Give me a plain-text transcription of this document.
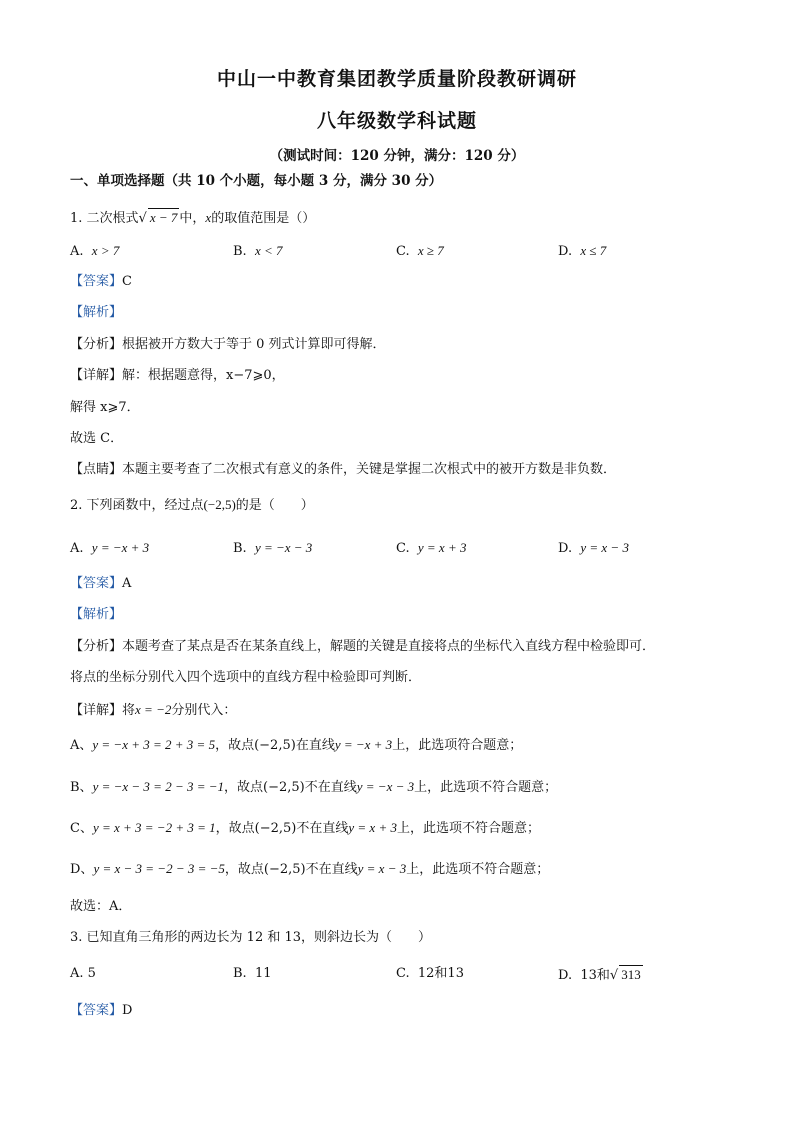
中山一中教育集团教学质量阶段教研调研
八年级数学科试题
（测试时间：120 分钟，满分：120 分）
一、单项选择题（共 10 个小题，每小题 3 分，满分 30 分）
1. 二次根式√ x − 7 中，x的取值范围是（）
A. x > 7	B. x < 7	C. x ≥ 7	D. x ≤ 7
【答案】C
【解析】
【分析】根据被开方数大于等于 0 列式计算即可得解．
【详解】解：根据题意得，x−7⩾0，
解得 x⩾7．
故选 C．
【点睛】本题主要考查了二次根式有意义的条件，关键是掌握二次根式中的被开方数是非负数．
2. 下列函数中，经过点(−2,5)的是（　　）
A. y = −x + 3	B. y = −x − 3	C. y = x + 3	D. y = x − 3
【答案】A
【解析】
【分析】本题考查了某点是否在某条直线上，解题的关键是直接将点的坐标代入直线方程中检验即可．
将点的坐标分别代入四个选项中的直线方程中检验即可判断．
【详解】将x = −2分别代入：
A、y = −x + 3 = 2 + 3 = 5，故点(−2,5)在直线y = −x + 3上，此选项符合题意；
B、y = −x − 3 = 2 − 3 = −1，故点(−2,5)不在直线y = −x − 3上，此选项不符合题意；
C、y = x + 3 = −2 + 3 = 1，故点(−2,5)不在直线y = x + 3上，此选项不符合题意；
D、y = x − 3 = −2 − 3 = −5，故点(−2,5)不在直线y = x − 3上，此选项不符合题意；
故选：A．
3. 已知直角三角形的两边长为 12 和 13，则斜边长为（　　）
A. 5	B. 11	C. 12和13	D. 13和√ 313
【答案】D
